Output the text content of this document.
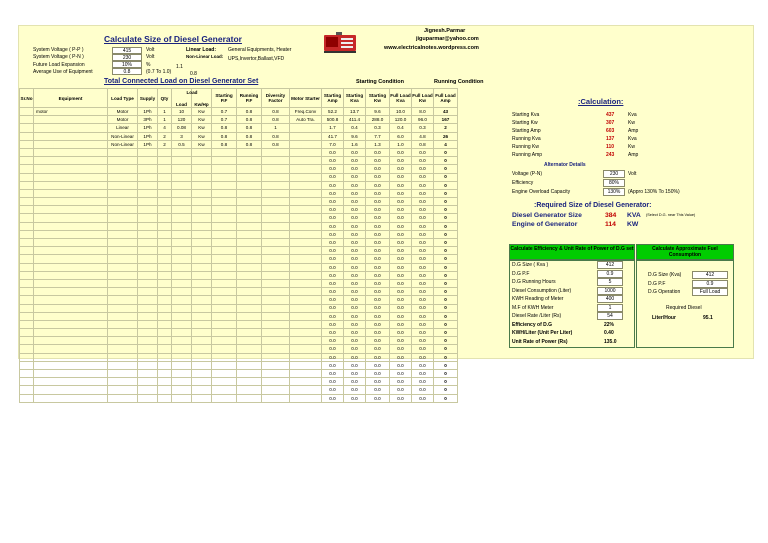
Calculate Size of Diesel Generator
Jignesh.Parmar
jiguparmar@yahoo.com
www.electricalnotes.wordpress.com
System Voltage ( P-P )	415	Volt
System Voltage ( P-N )	230	Volt
Future Load Expansion	10%	%
Average Use of Equipment	0.8	(0.7 To 1.0)
Linear Load: General Equipments, Heater
Non-Linear Load: UPS,Invertor,Ballast,VFD
1.1
0.8
Total Connected Load on Diesel Generator Set	Starting Condition	Running Condition
Sr.No	Equipment	Load Type	Supply	Qty	Load
Load	Kw/Hp	Starting P.F	Running P.F	Diversity Factor	Motor Starter	Starting Amp	Starting Kva	Starting Kw	Full Load Kva	Full Load Kw	Full Load Amp
	motor	Motor	1Ph	1	10	Kw	0.7	0.8	0.8	Freq.Conv	52.2	13.7	9.6	10.0	8.0	43
		Motor	3Ph	1	120	Kw	0.7	0.8	0.8	Auto Tra.	500.8	411.4	288.0	120.0	96.0	167
		Linear	1Ph	4	0.08	Kw	0.8	0.8	1		1.7	0.4	0.3	0.4	0.3	2
		Non-Linear	1Ph	2	3	Kw	0.8	0.8	0.8		41.7	9.6	7.7	6.0	4.8	26
		Non-Linear	1Ph	2	0.5	Kw	0.8	0.8	0.8		7.0	1.6	1.3	1.0	0.8	4
											0.0	0.0	0.0	0.0	0.0	0
											0.0	0.0	0.0	0.0	0.0	0
											0.0	0.0	0.0	0.0	0.0	0
											0.0	0.0	0.0	0.0	0.0	0
											0.0	0.0	0.0	0.0	0.0	0
											0.0	0.0	0.0	0.0	0.0	0
											0.0	0.0	0.0	0.0	0.0	0
											0.0	0.0	0.0	0.0	0.0	0
											0.0	0.0	0.0	0.0	0.0	0
											0.0	0.0	0.0	0.0	0.0	0
											0.0	0.0	0.0	0.0	0.0	0
											0.0	0.0	0.0	0.0	0.0	0
											0.0	0.0	0.0	0.0	0.0	0
											0.0	0.0	0.0	0.0	0.0	0
											0.0	0.0	0.0	0.0	0.0	0
											0.0	0.0	0.0	0.0	0.0	0
											0.0	0.0	0.0	0.0	0.0	0
											0.0	0.0	0.0	0.0	0.0	0
											0.0	0.0	0.0	0.0	0.0	0
											0.0	0.0	0.0	0.0	0.0	0
											0.0	0.0	0.0	0.0	0.0	0
											0.0	0.0	0.0	0.0	0.0	0
											0.0	0.0	0.0	0.0	0.0	0
											0.0	0.0	0.0	0.0	0.0	0
											0.0	0.0	0.0	0.0	0.0	0
											0.0	0.0	0.0	0.0	0.0	0
											0.0	0.0	0.0	0.0	0.0	0
											0.0	0.0	0.0	0.0	0.0	0
											0.0	0.0	0.0	0.0	0.0	0
											0.0	0.0	0.0	0.0	0.0	0
											0.0	0.0	0.0	0.0	0.0	0
:Calculation:
Starting Kva	437	Kva
Starting Kw	307	Kw
Starting Amp	603	Amp
Running Kva	137	Kva
Running Kw	110	Kw
Running Amp	243	Amp
Alternator Details
Voltage (P-N)	230	Volt
Efficiency	80%
Engine Overload Capacity	130%	(Appro 130% To 150%)
:Required Size of Diesel Generator:
Diesel Generator Size	384 KVA (Select D.G. near This Value)
Engine of Generator	114 KW
Calculate Efficiency & Unit Rate of Power of D.G set
D.G Size ( Kva )	412
D.G P.F	0.9
D.G Running Hours	5
Diesel Consumption (Liter)	1000
KWH Reading of Meter	400
M.F of KWH Meter	1
Diesel Rate /Liter (Rs)	54
Efficiency of D.G	22%
KWH/Liter (Unit Per Liter)	0.40
Unit Rate of Power (Rs)	135.0
Calculate Approximate Fuel Consumption
D.G Size (Kva)	412
D.G P.F	0.9
D.G Operation	Full Load
Required Diesel
Liter/Hour	95.1
